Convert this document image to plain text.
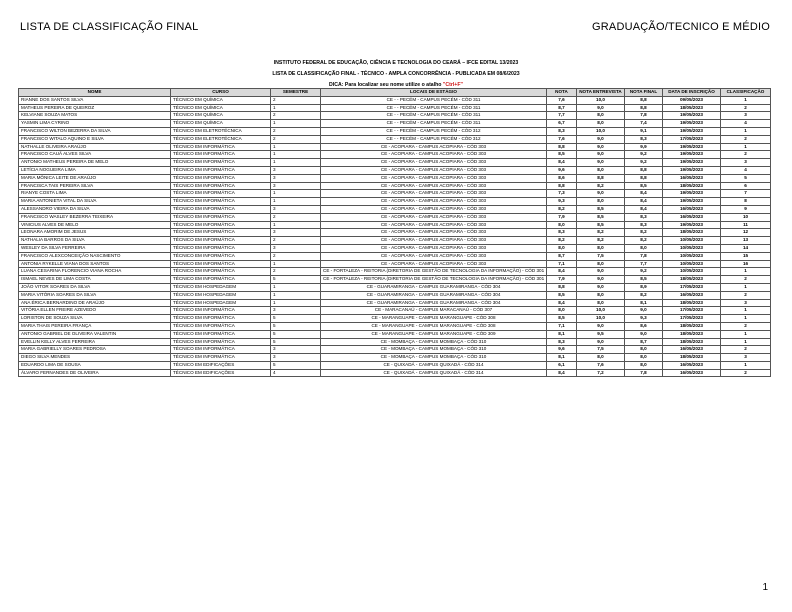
LISTA DE CLASSIFICAÇÃO FINAL	GRADUAÇÃO/TECNICO E MÉDIO
INSTITUTO FEDERAL DE EDUCAÇÃO, CIÊNCIA E TECNOLOGIA DO CEARÁ – IFCE EDITAL 13/2023
LISTA DE CLASSIFICAÇÃO FINAL - TÉCNICO - AMPLA CONCORRÊNCIA - PUBLICADA EM 08/6/2023
DICA: Para localizar seu nome utilize o atalho "Ctrl+F"
NOME	CURSO	SEMESTRE	LOCAIS DE ESTÁGIO	NOTA	NOTA ENTREVISTA	NOTA FINAL	DATA DE INSCRIÇÃO	CLASSIFICAÇÃO
RIANNE DOS SANTOS SILVA	TÉCNICO EM QUÍMICA	2	CE - - PECÉM - CAMPUS PECÉM - CÓD 311	7,6	10,0	8,8	09/05/2023	1
MATHEUS PEREIRA DE QUEIROZ	TÉCNICO EM QUÍMICA	1	CE - - PECÉM - CAMPUS PECÉM - CÓD 311	8,7	9,0	8,8	18/05/2023	2
KELVIANE SOUZA MATOS	TÉCNICO EM QUÍMICA	2	CE - - PECÉM - CAMPUS PECÉM - CÓD 311	7,7	8,0	7,8	19/05/2023	3
YASMIN LIMA CYRINO	TÉCNICO EM QUÍMICA	1	CE - - PECÉM - CAMPUS PECÉM - CÓD 311	6,7	8,0	7,4	19/05/2023	4
FRANCISCO WILTON BEZERRA DA SILVA	TÉCNICO EM ELETROTÉCNICA	2	CE - - PECÉM - CAMPUS PECÉM - CÓD 312	8,3	10,0	9,1	19/05/2023	1
FRANCISCO WITALO AQUINO E SILVA	TÉCNICO EM ELETROTÉCNICA	2	CE - - PECÉM - CAMPUS PECÉM - CÓD 312	7,6	9,0	8,3	17/05/2023	2
NATHALLE OLIVEIRA ARAÚJO	TÉCNICO EM INFORMÁTICA	1	CE - ACOPIARA - CAMPUS ACOPIARA - CÓD 303	8,8	9,0	9,9	19/05/2023	1
FRANCISCO CAUÃ ALVES SILVA	TÉCNICO EM INFORMÁTICA	1	CE - ACOPIARA - CAMPUS ACOPIARA - CÓD 303	8,5	9,0	9,2	19/05/2023	2
ANTONIO MATHEUS PEREIRA DE MELO	TÉCNICO EM INFORMÁTICA	1	CE - ACOPIARA - CAMPUS ACOPIARA - CÓD 303	8,4	9,0	9,2	19/05/2023	3
LETÍCIA NOGUEIRA LIMA	TÉCNICO EM INFORMÁTICA	3	CE - ACOPIARA - CAMPUS ACOPIARA - CÓD 303	9,6	8,0	8,8	19/05/2023	4
MARIA MÔNICA LEITE DE ARAÚJO	TÉCNICO EM INFORMÁTICA	3	CE - ACOPIARA - CAMPUS ACOPIARA - CÓD 303	8,6	8,8	8,8	16/05/2023	5
FRANCISCA TAIS PEREIRA SILVA	TÉCNICO EM INFORMÁTICA	3	CE - ACOPIARA - CAMPUS ACOPIARA - CÓD 303	8,8	8,2	8,5	18/05/2023	6
RIANYE COSTA LIMA	TÉCNICO EM INFORMÁTICA	1	CE - ACOPIARA - CAMPUS ACOPIARA - CÓD 303	7,3	9,0	8,4	19/05/2023	7
MARIA ANTONIETA VITAL DA SILVA	TÉCNICO EM INFORMÁTICA	1	CE - ACOPIARA - CAMPUS ACOPIARA - CÓD 303	9,3	8,0	8,4	19/05/2023	8
ALESSANDRO VIEIRA DA SILVA	TÉCNICO EM INFORMÁTICA	3	CE - ACOPIARA - CAMPUS ACOPIARA - CÓD 303	8,2	8,5	8,4	16/05/2023	9
FRANCISCO WASLEY BEZERRA TEIXEIRA	TÉCNICO EM INFORMÁTICA	2	CE - ACOPIARA - CAMPUS ACOPIARA - CÓD 303	7,9	8,5	8,3	16/05/2023	10
VINICIUS ALVES DE MELO	TÉCNICO EM INFORMÁTICA	1	CE - ACOPIARA - CAMPUS ACOPIARA - CÓD 303	8,0	8,5	8,3	19/05/2023	11
LEONARA AMORIM DE JESUS	TÉCNICO EM INFORMÁTICA	3	CE - ACOPIARA - CAMPUS ACOPIARA - CÓD 303	8,3	8,2	8,2	18/05/2023	12
NATHALIA BARROS DA SILVA	TÉCNICO EM INFORMÁTICA	2	CE - ACOPIARA - CAMPUS ACOPIARA - CÓD 303	8,2	8,2	8,2	10/05/2023	13
WESLEY DA SILVA FERREIRA	TÉCNICO EM INFORMÁTICA	3	CE - ACOPIARA - CAMPUS ACOPIARA - CÓD 303	8,0	8,0	8,0	10/05/2023	14
FRANCISCO ALEXCONCEIÇÃO NASCIMENTO	TÉCNICO EM INFORMÁTICA	2	CE - ACOPIARA - CAMPUS ACOPIARA - CÓD 303	8,7	7,5	7,8	10/05/2023	15
ANTONIA RYKELLE VIANA DOS SANTOS	TÉCNICO EM INFORMÁTICA	1	CE - ACOPIARA - CAMPUS ACOPIARA - CÓD 303	7,1	8,0	7,7	10/05/2023	16
LUANA CESARINA FLORENCIO VIANA ROCHA	TÉCNICO EM INFORMÁTICA	2	CE - FORTALEZA - REITORIA (DIRETORIA DE GESTÃO DE TECNOLOGIA DA INFORMAÇÃO) - CÓD 301	8,4	9,0	9,2	10/05/2023	1
ISMAEL NEVES DE LIMA COSTA	TÉCNICO EM INFORMÁTICA	5	CE - FORTALEZA - REITORIA (DIRETORIA DE GESTÃO DE TECNOLOGIA DA INFORMAÇÃO) - CÓD 301	7,9	9,0	8,5	18/05/2023	2
JOÃO VITOR SOARES DA SILVA	TÉCNICO EM HOSPEDAGEM	1	CE - GUARAMIRANGA - CAMPUS GUARAMIRANGA - CÓD 304	8,8	9,0	8,9	17/05/2023	1
MARIA VITÓRIA SOARES DA SILVA	TÉCNICO EM HOSPEDAGEM	1	CE - GUARAMIRANGA - CAMPUS GUARAMIRANGA - CÓD 304	8,5	8,0	8,2	16/05/2023	2
ANA ÉRICA BERNARDINO DE ARAÚJO	TÉCNICO EM HOSPEDAGEM	1	CE - GUARAMIRANGA - CAMPUS GUARAMIRANGA - CÓD 304	8,4	8,0	8,1	18/05/2023	3
VITÓRIA ELLEN FREIRE AZEVEDO	TÉCNICO EM INFORMÁTICA	3	CE - MARACANAÚ - CAMPUS MARACANAÚ - CÓD 307	8,0	10,0	9,0	17/05/2023	1
LORISTON DE SOUZA SILVA	TÉCNICO EM INFORMÁTICA	5	CE - MARANGUAPE - CAMPUS MARANGUAPE - CÓD 308	8,5	10,0	9,3	17/05/2023	1
MARIA THAIS PEREIRA FRANÇA	TÉCNICO EM INFORMÁTICA	5	CE - MARANGUAPE - CAMPUS MARANGUAPE - CÓD 308	7,1	9,0	8,6	18/05/2023	2
ANTONIO GABRIEL DE OLIVEIRA VALENTIN	TÉCNICO EM INFORMÁTICA	5	CE - MARANGUAPE - CAMPUS MARANGUAPE - CÓD 309	8,1	9,5	9,0	18/05/2023	1
EVELLIN KELLY ALVES FERREIRA	TÉCNICO EM INFORMÁTICA	5	CE - MOMBAÇA - CAMPUS MOMBAÇA - CÓD 310	8,3	9,0	8,7	18/05/2023	1
MARIA GABRIELLY SOARES PEDROSA	TÉCNICO EM INFORMÁTICA	3	CE - MOMBAÇA - CAMPUS MOMBAÇA - CÓD 310	9,6	7,5	8,0	16/05/2023	2
DIEGO SILVA MENDES	TÉCNICO EM INFORMÁTICA	3	CE - MOMBAÇA - CAMPUS MOMBAÇA - CÓD 310	8,1	8,0	8,0	18/05/2023	3
EDUARDO LIMA DE SOUSA	TÉCNICO EM EDIFICAÇÕES	5	CE - QUIXADÁ - CAMPUS QUIXADÁ - CÓD 314	6,1	7,6	8,0	16/05/2023	1
ÁLVARO FERNANDES DE OLIVEIRA	TÉCNICO EM EDIFICAÇÕES	4	CE - QUIXADÁ - CAMPUS QUIXADÁ - CÓD 314	8,4	7,2	7,8	16/05/2023	2
1
